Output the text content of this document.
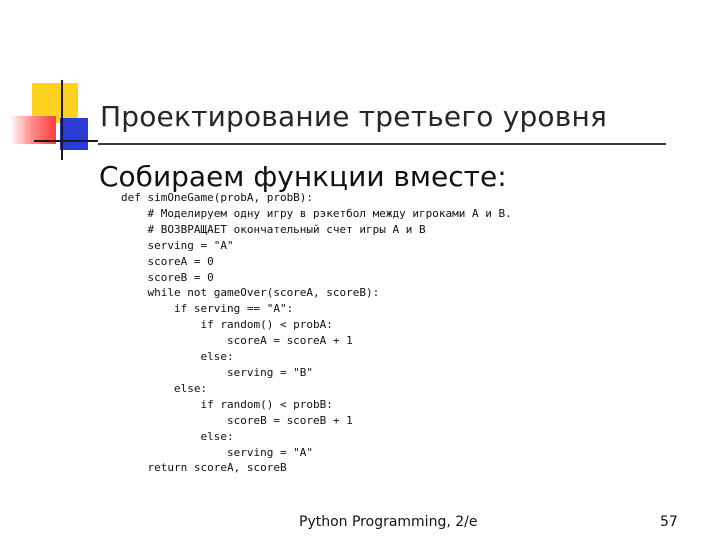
Проектирование третьего уровня
Собираем функции вместе:
def simOneGame(probA, probB):
# Моделируем одну игру в рэкетбол между игроками A и B.
# ВОЗВРАЩАЕТ окончательный счет игры A и B
serving = "A"
scoreA = 0
scoreB = 0
while not gameOver(scoreA, scoreB):
if serving == "A":
if random() < probA:
scoreA = scoreA + 1
else:
serving = "B"
else:
if random() < probB:
scoreB = scoreB + 1
else:
serving = "A"
return scoreA, scoreB
Python Programming, 2/e	57
